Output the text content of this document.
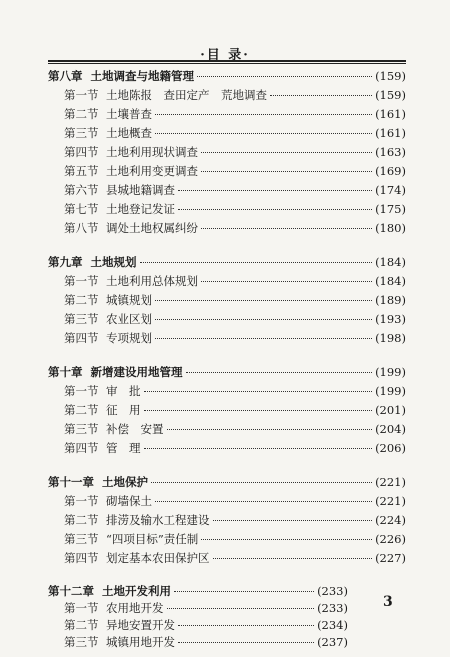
·目 录·
第八章 土地调查与地籍管理	(159)
第一节 土地陈报　查田定产　荒地调查	(159)
第二节 土壤普查	(161)
第三节 土地概查	(161)
第四节 土地利用现状调查	(163)
第五节 土地利用变更调查	(169)
第六节 县城地籍调查	(174)
第七节 土地登记发证	(175)
第八节 调处土地权属纠纷	(180)
第九章 土地规划	(184)
第一节 土地利用总体规划	(184)
第二节 城镇规划	(189)
第三节 农业区划	(193)
第四节 专项规划	(198)
第十章 新增建设用地管理	(199)
第一节 审　批	(199)
第二节 征　用	(201)
第三节 补偿　安置	(204)
第四节 管　理	(206)
第十一章 土地保护	(221)
第一节 砌墙保土	(221)
第二节 排涝及输水工程建设	(224)
第三节 “四项目标”责任制	(226)
第四节 划定基本农田保护区	(227)
第十二章 土地开发利用	(233)
第一节 农用地开发	(233)
第二节 异地安置开发	(234)
第三节 城镇用地开发	(237)
3
